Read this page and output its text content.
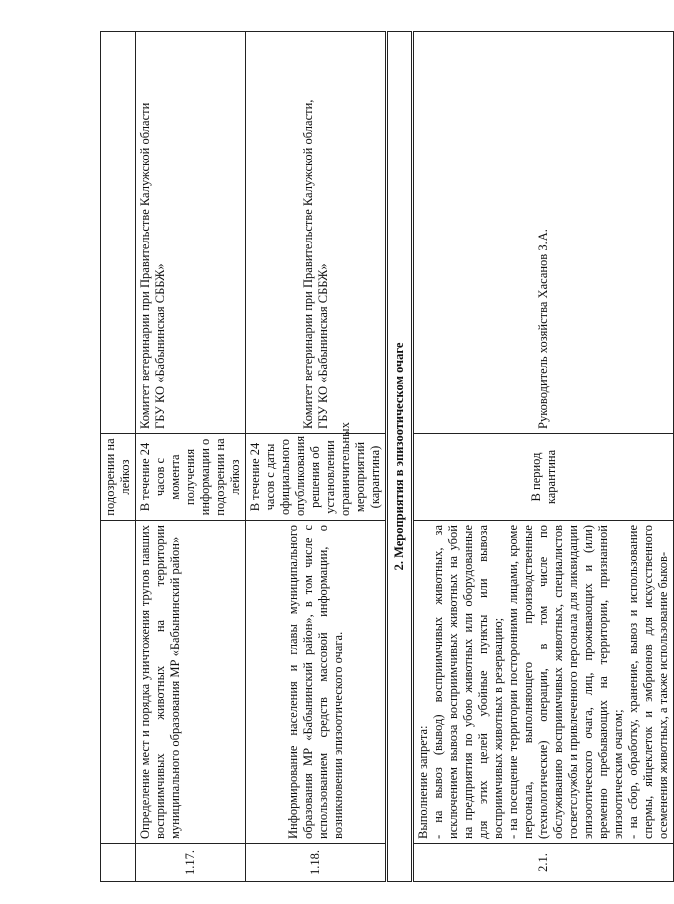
		подозрении на лейкоз	
1.17.	Определение мест и порядка уничтожения трупов павших восприимчивых животных на территории муниципального образования МР «Бабынинский район»	В течение 24 часов с момента получения информации о подозрении на лейкоз	Комитет ветеринарии при Правительстве Калужской области ГБУ КО «Бабынинская СББЖ»

1.18.	Информирование населения и главы муниципального образования МР «Бабынинский район», в том числе с использованием средств массовой информации, о возникновении эпизоотического очага.	В течение 24 часов с даты официального опубликования решения об установлении ограничительных мероприятий (карантина)	Комитет ветеринарии при Правительстве Калужской области, ГБУ КО «Бабынинская СББЖ»

2. Мероприятия в эпизоотическом очаге			
2.1.	Выполнение запрета: - на вывоз (вывод) восприимчивых животных, за исключением вывоза восприимчивых животных на убой на предприятия по убою животных или оборудованные для этих целей убойные пункты или вывоза восприимчивых животных в резервацию; - на посещение территории посторонними лицами, кроме персонала, выполняющего производственные (технологические) операции, в том числе по обслуживанию восприимчивых животных, специалистов госветслужбы и привлеченного персонала для ликвидации эпизоотического очага, лиц, проживающих и (или) временно пребывающих на территории, признанной эпизоотическим очагом; - на сбор, обработку, хранение, вывоз и использование спермы, яйцеклеток и эмбрионов для искусственного осеменения животных, а также использование быков-	В период карантина	Руководитель хозяйства Хасанов З.А.
